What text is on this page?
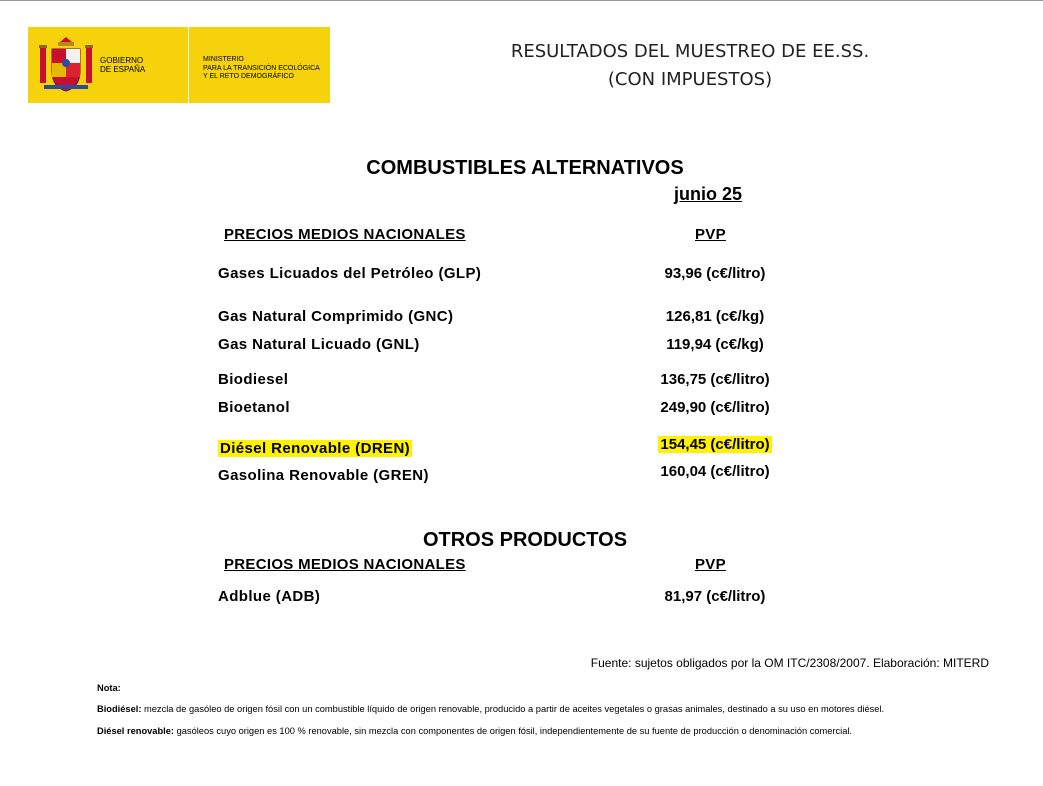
GOBIERNO
DE ESPAÑA
MINISTERIO
PARA LA TRANSICIÓN ECOLÓGICA
Y EL RETO DEMOGRÁFICO
RESULTADOS DEL MUESTREO DE EE.SS.
(CON IMPUESTOS)
COMBUSTIBLES ALTERNATIVOS
junio 25
PRECIOS MEDIOS NACIONALES	PVP
Gases Licuados del Petróleo (GLP)	93,96 (c€/litro)
Gas Natural Comprimido (GNC)	126,81 (c€/kg)
Gas Natural Licuado (GNL)	119,94 (c€/kg)
Biodiesel	136,75 (c€/litro)
Bioetanol	249,90 (c€/litro)
Diésel Renovable (DREN)	154,45 (c€/litro)
Gasolina Renovable (GREN)	160,04 (c€/litro)
OTROS PRODUCTOS
PRECIOS MEDIOS NACIONALES	PVP
Adblue (ADB)	81,97 (c€/litro)
Fuente: sujetos obligados por la OM ITC/2308/2007. Elaboración: MITERD
Nota:
Biodiésel: mezcla de gasóleo de origen fósil con un combustible líquido de origen renovable, producido a partir de aceites vegetales o grasas animales, destinado a su uso en motores diésel.
Diésel renovable: gasóleos cuyo origen es 100 % renovable, sin mezcla con componentes de origen fósil, independientemente de su fuente de producción o denominación comercial.
